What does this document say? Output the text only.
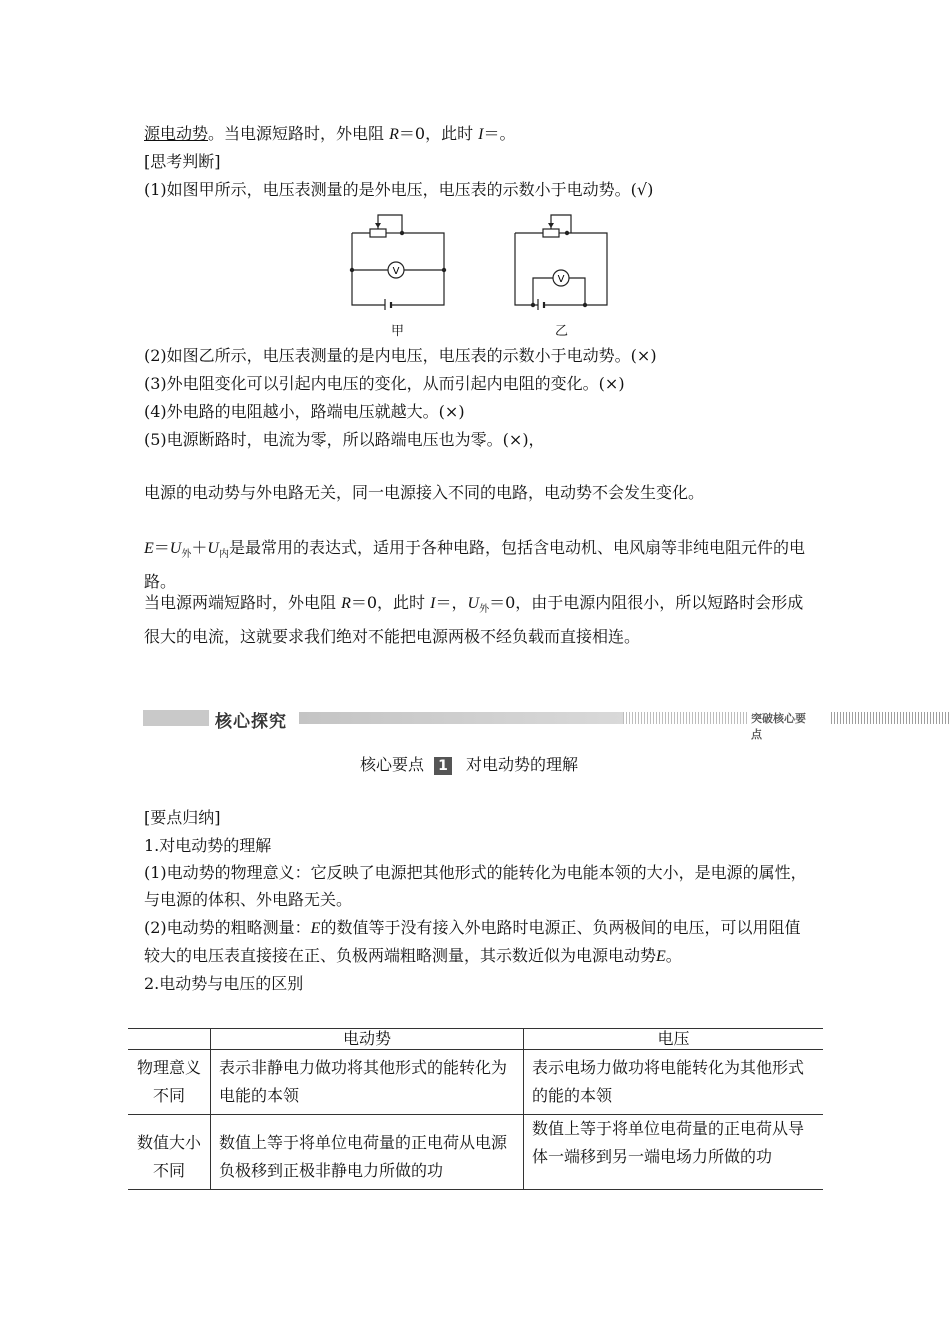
源电动势。当电源短路时，外电阻 R＝0，此时 I＝。
[思考判断]
(1)如图甲所示，电压表测量的是外电压，电压表的示数小于电动势。(√)
V
甲
V
乙
(2)如图乙所示，电压表测量的是内电压，电压表的示数小于电动势。(×)
(3)外电阻变化可以引起内电压的变化，从而引起内电阻的变化。(×)
(4)外电路的电阻越小，路端电压就越大。(×)
(5)电源断路时，电流为零，所以路端电压也为零。(×)，
电源的电动势与外电路无关，同一电源接入不同的电路，电动势不会发生变化。
$E=U_外+U_内$是最常用的表达式，适用于各种电路，包括含电动机、电风扇等非纯电阻元件的电路。
当电源两端短路时，外电阻 R＝0，此时 I＝，$U_外=0$，由于电源内阻很小，所以短路时会形成很大的电流，这就要求我们绝对不能把电源两极不经负载而直接相连。
核心探究	突破核心要点
核心要点 1 对电动势的理解
[要点归纳]
1.对电动势的理解
(1)电动势的物理意义：它反映了电源把其他形式的能转化为电能本领的大小，是电源的属性，与电源的体积、外电路无关。
(2)电动势的粗略测量：E的数值等于没有接入外电路时电源正、负两极间的电压，可以用阻值较大的电压表直接接在正、负极两端粗略测量，其示数近似为电源电动势E。
2.电动势与电压的区别
	电动势	电压
物理意义不同	表示非静电力做功将其他形式的能转化为电能的本领	表示电场力做功将电能转化为其他形式的能的本领
数值大小不同	数值上等于将单位电荷量的正电荷从电源负极移到正极非静电力所做的功	数值上等于将单位电荷量的正电荷从导体一端移到另一端电场力所做的功
